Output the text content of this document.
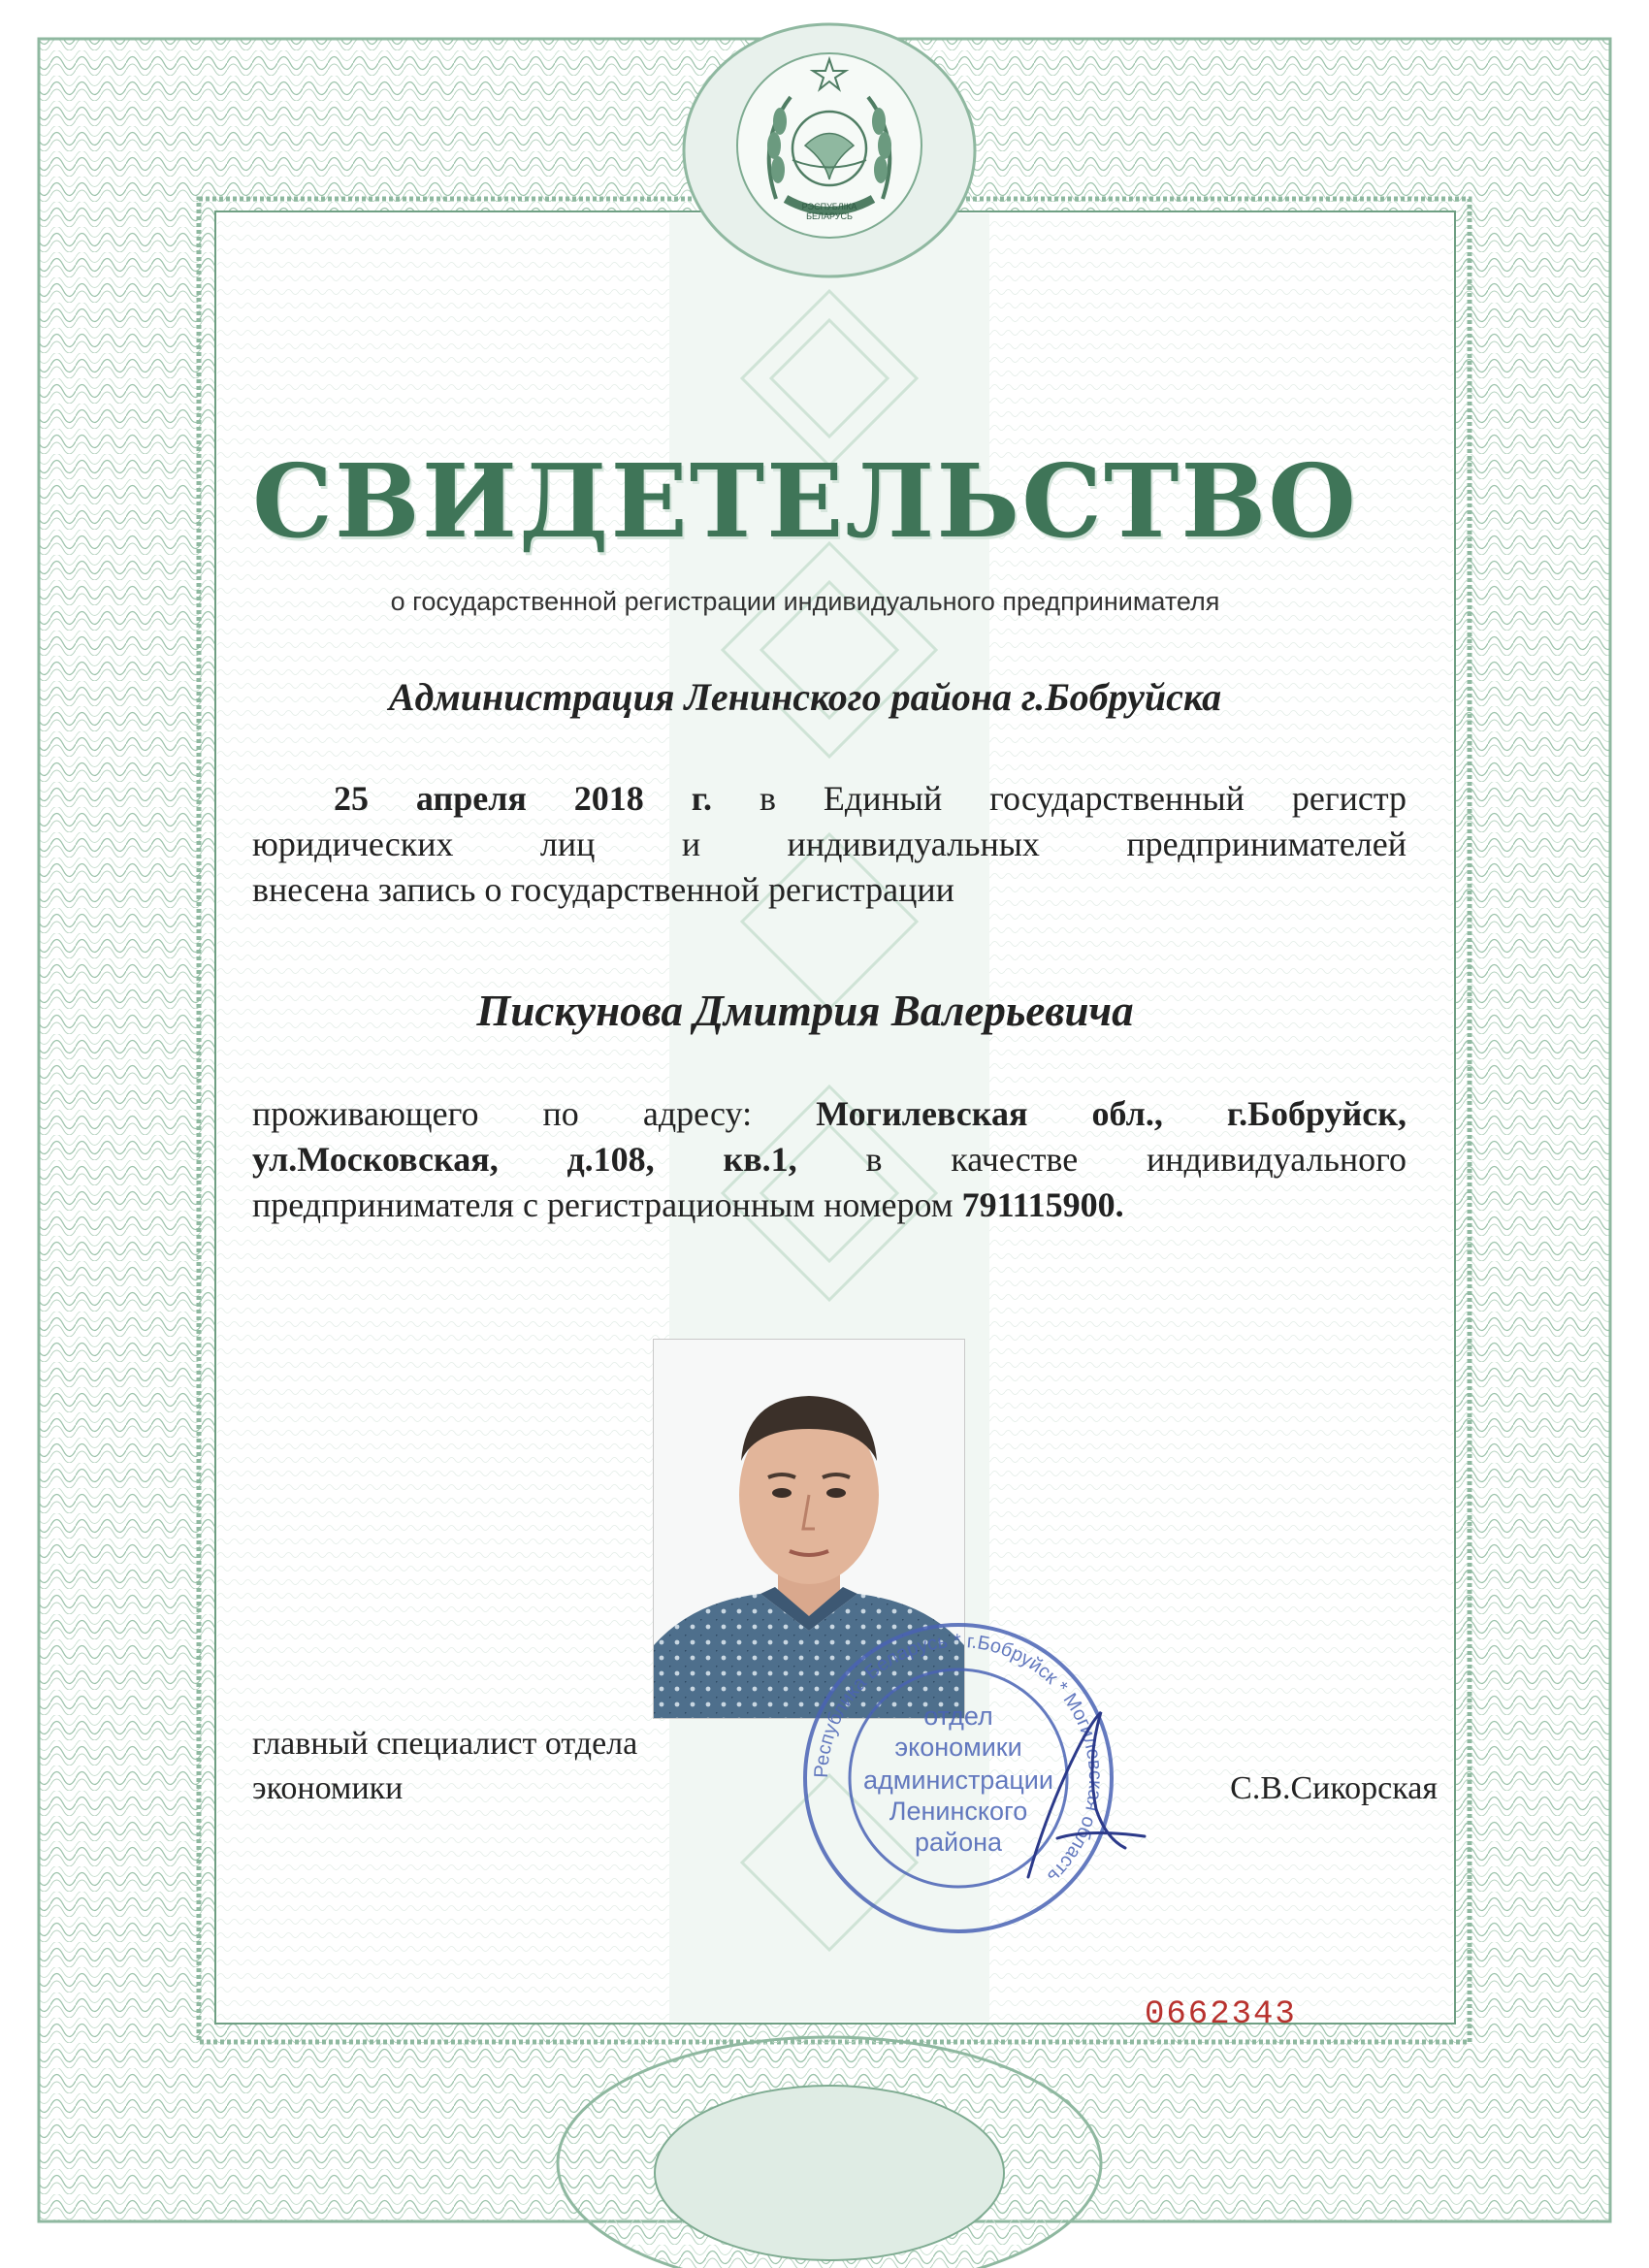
РЭСПУБЛІКА БЕЛАРУСЬ
СВИДЕТЕЛЬСТВО
о государственной регистрации индивидуального предпринимателя
Администрация Ленинского района г.Бобруйска
25 апреля 2018 г. в Единый государственный регистр
юридических лиц и индивидуальных предпринимателей
внесена запись о государственной регистрации
Пискунова Дмитрия Валерьевича
проживающего по адресу: Могилевская обл., г.Бобруйск,
ул.Московская, д.108, кв.1, в качестве индивидуального
предпринимателя с регистрационным номером 791115900.
главный специалист отдела
экономики	С.В.Сикорская
Республика Беларусь * г.Бобруйск * Могилевская область
отдел
экономики
администрации
Ленинского
района
0662343
